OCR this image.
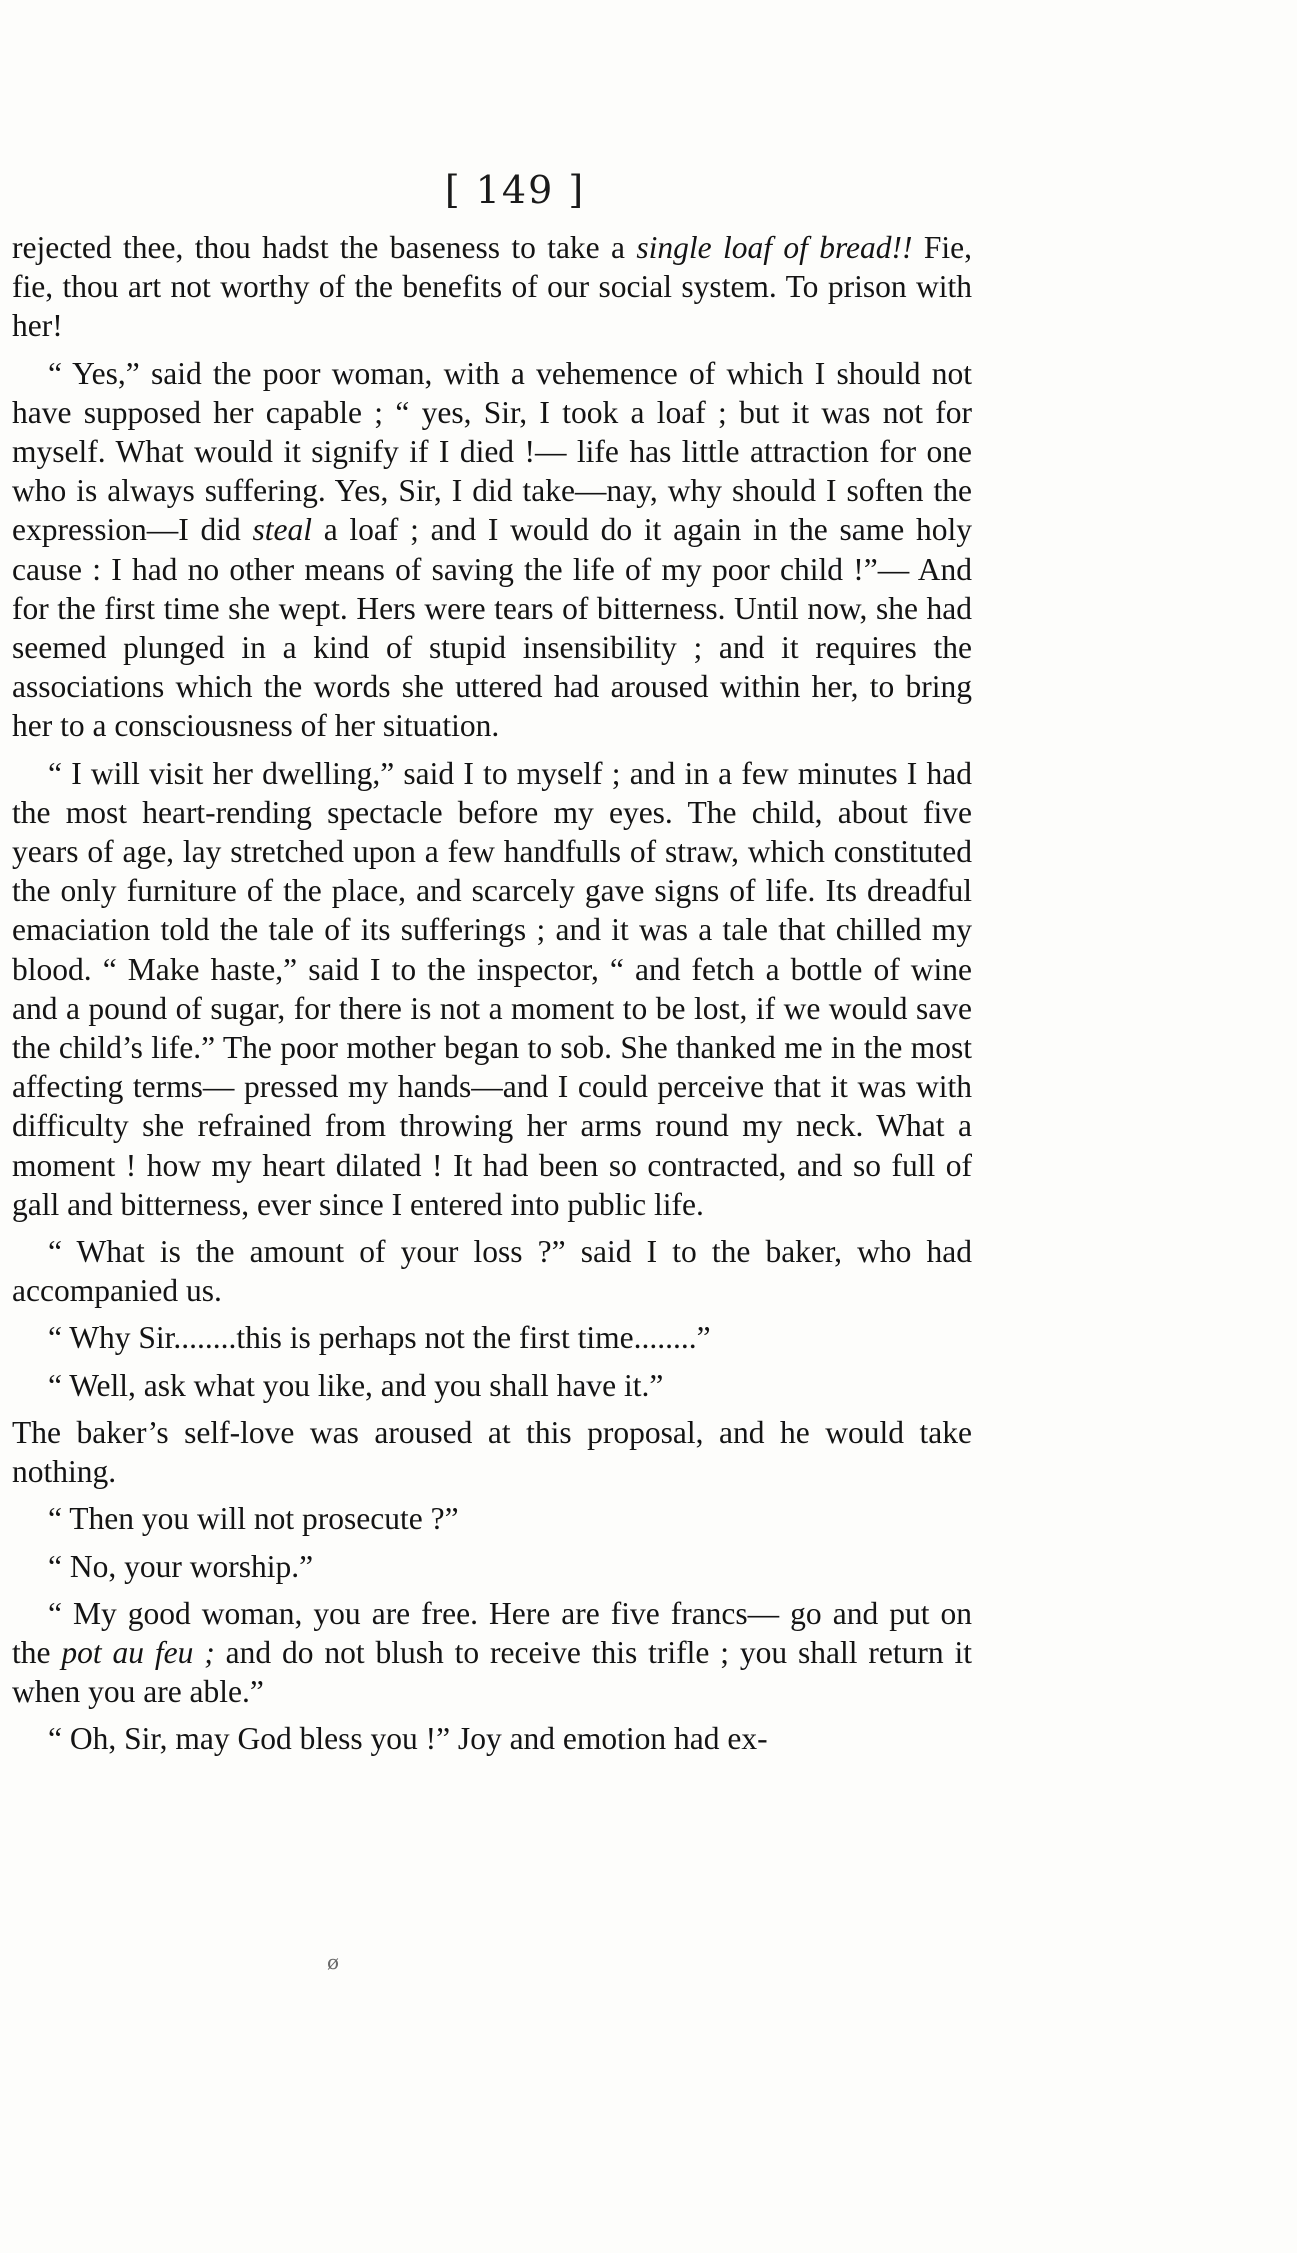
[ 149 ]

rejected thee, thou hadst the baseness to take a single loaf of bread!! Fie, fie, thou art not worthy of the benefits of our social system. To prison with her!

“ Yes,” said the poor woman, with a vehemence of which I should not have supposed her capable ; “ yes, Sir, I took a loaf ; but it was not for myself. What would it signify if I died !— life has little attraction for one who is always suffering. Yes, Sir, I did take—nay, why should I soften the expression—I did steal a loaf ; and I would do it again in the same holy cause : I had no other means of saving the life of my poor child !”— And for the first time she wept. Hers were tears of bitterness. Until now, she had seemed plunged in a kind of stupid insensibility ; and it requires the associations which the words she uttered had aroused within her, to bring her to a consciousness of her situation.

“ I will visit her dwelling,” said I to myself ; and in a few minutes I had the most heart-rending spectacle before my eyes. The child, about five years of age, lay stretched upon a few handfulls of straw, which constituted the only furniture of the place, and scarcely gave signs of life. Its dreadful emaciation told the tale of its sufferings ; and it was a tale that chilled my blood. “ Make haste,” said I to the inspector, “ and fetch a bottle of wine and a pound of sugar, for there is not a moment to be lost, if we would save the child’s life.” The poor mother began to sob. She thanked me in the most affecting terms— pressed my hands—and I could perceive that it was with difficulty she refrained from throwing her arms round my neck. What a moment ! how my heart dilated ! It had been so contracted, and so full of gall and bitterness, ever since I entered into public life.

“ What is the amount of your loss ?” said I to the baker, who had accompanied us.

“ Why Sir........this is perhaps not the first time........”

“ Well, ask what you like, and you shall have it.”

The baker’s self-love was aroused at this proposal, and he would take nothing.

“ Then you will not prosecute ?”

“ No, your worship.”

“ My good woman, you are free. Here are five francs— go and put on the pot au feu ; and do not blush to receive this trifle ; you shall return it when you are able.”

“ Oh, Sir, may God bless you !” Joy and emotion had ex-

ø
